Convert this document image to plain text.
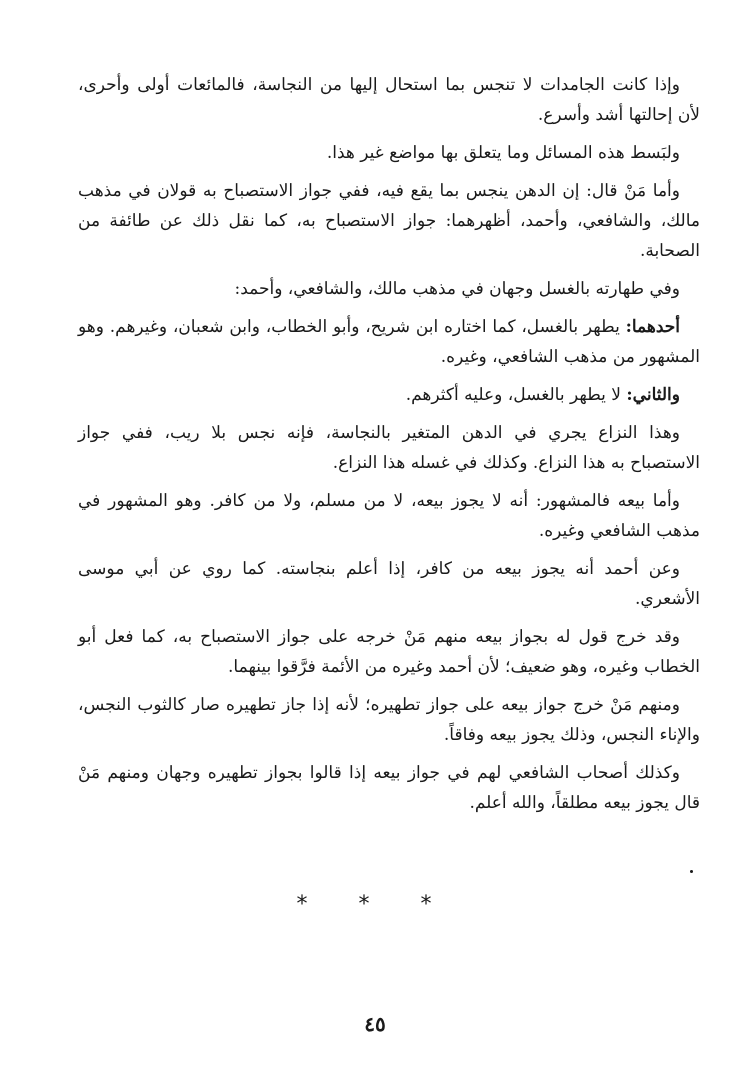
وإذا كانت الجامدات لا تنجس بما استحال إليها من النجاسة، فالمائعات أولى وأحرى، لأن إحالتها أشد وأسرع.

ولبَسط هذه المسائل وما يتعلق بها مواضع غير هذا.

وأما مَنْ قال: إن الدهن ينجس بما يقع فيه، ففي جواز الاستصباح به قولان في مذهب مالك، والشافعي، وأحمد، أظهرهما: جواز الاستصباح به، كما نقل ذلك عن طائفة من الصحابة.

وفي طهارته بالغسل وجهان في مذهب مالك، والشافعي، وأحمد:

أحدهما: يطهر بالغسل، كما اختاره ابن شريح، وأبو الخطاب، وابن شعبان، وغيرهم. وهو المشهور من مذهب الشافعي، وغيره.

والثاني: لا يطهر بالغسل، وعليه أكثرهم.

وهذا النزاع يجري في الدهن المتغير بالنجاسة، فإنه نجس بلا ريب، ففي جواز الاستصباح به هذا النزاع. وكذلك في غسله هذا النزاع.

وأما بيعه فالمشهور: أنه لا يجوز بيعه، لا من مسلم، ولا من كافر. وهو المشهور في مذهب الشافعي وغيره.

وعن أحمد أنه يجوز بيعه من كافر، إذا أعلم بنجاسته. كما روي عن أبي موسى الأشعري.

وقد خرج قول له بجواز بيعه منهم مَنْ خرجه على جواز الاستصباح به، كما فعل أبو الخطاب وغيره، وهو ضعيف؛ لأن أحمد وغيره من الأئمة فرَّقوا بينهما.

ومنهم مَنْ خرج جواز بيعه على جواز تطهيره؛ لأنه إذا جاز تطهيره صار كالثوب النجس، والإناء النجس، وذلك يجوز بيعه وفاقاً.

وكذلك أصحاب الشافعي لهم في جواز بيعه إذا قالوا بجواز تطهيره وجهان ومنهم مَنْ قال يجوز بيعه مطلقاً، والله أعلم.

* * *
٤٥
